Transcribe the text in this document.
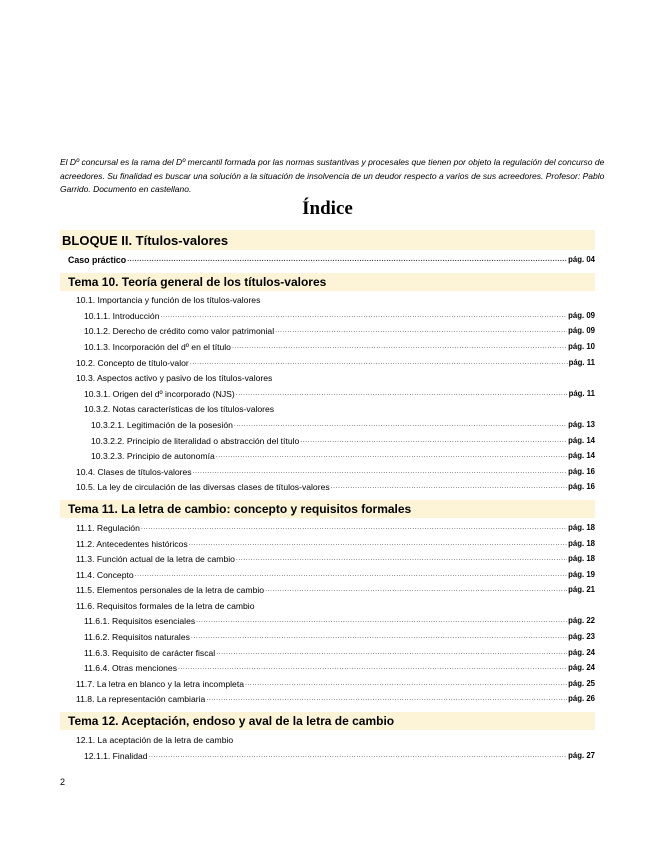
El Dº concursal es la rama del Dº mercantil formada por las normas sustantivas y procesales que tienen por objeto la regulación del concurso de acreedores. Su finalidad es buscar una solución a la situación de insolvencia de un deudor respecto a varios de sus acreedores. Profesor: Pablo Garrido. Documento en castellano.

Índice
BLOQUE II. Títulos-valores
Caso práctico .....	pág. 04
Tema 10. Teoría general de los títulos-valores
10.1. Importancia y función de los títulos-valores
10.1.1. Introducción .....	pág. 09
10.1.2. Derecho de crédito como valor patrimonial .....	pág. 09
10.1.3. Incorporación del dº en el título .....	pág. 10
10.2. Concepto de título-valor .....	pág. 11
10.3. Aspectos activo y pasivo de los títulos-valores
10.3.1. Origen del dº incorporado (NJS) .....	pág. 11
10.3.2. Notas características de los títulos-valores
10.3.2.1. Legitimación de la posesión .....	pág. 13
10.3.2.2. Principio de literalidad o abstracción del título .....	pág. 14
10.3.2.3. Principio de autonomía .....	pág. 14
10.4. Clases de títulos-valores .....	pág. 16
10.5. La ley de circulación de las diversas clases de títulos-valores .....	pág. 16
Tema 11. La letra de cambio: concepto y requisitos formales
11.1. Regulación .....	pág. 18
11.2. Antecedentes históricos .....	pág. 18
11.3. Función actual de la letra de cambio .....	pág. 18
11.4. Concepto .....	pág. 19
11.5. Elementos personales de la letra de cambio .....	pág. 21
11.6. Requisitos formales de la letra de cambio
11.6.1. Requisitos esenciales .....	pág. 22
11.6.2. Requisitos naturales .....	pág. 23
11.6.3. Requisito de carácter fiscal .....	pág. 24
11.6.4. Otras menciones .....	pág. 24
11.7. La letra en blanco y la letra incompleta .....	pág. 25
11.8. La representación cambiaria .....	pág. 26
Tema 12. Aceptación, endoso y aval de la letra de cambio
12.1. La aceptación de la letra de cambio
12.1.1. Finalidad .....	pág. 27
2
